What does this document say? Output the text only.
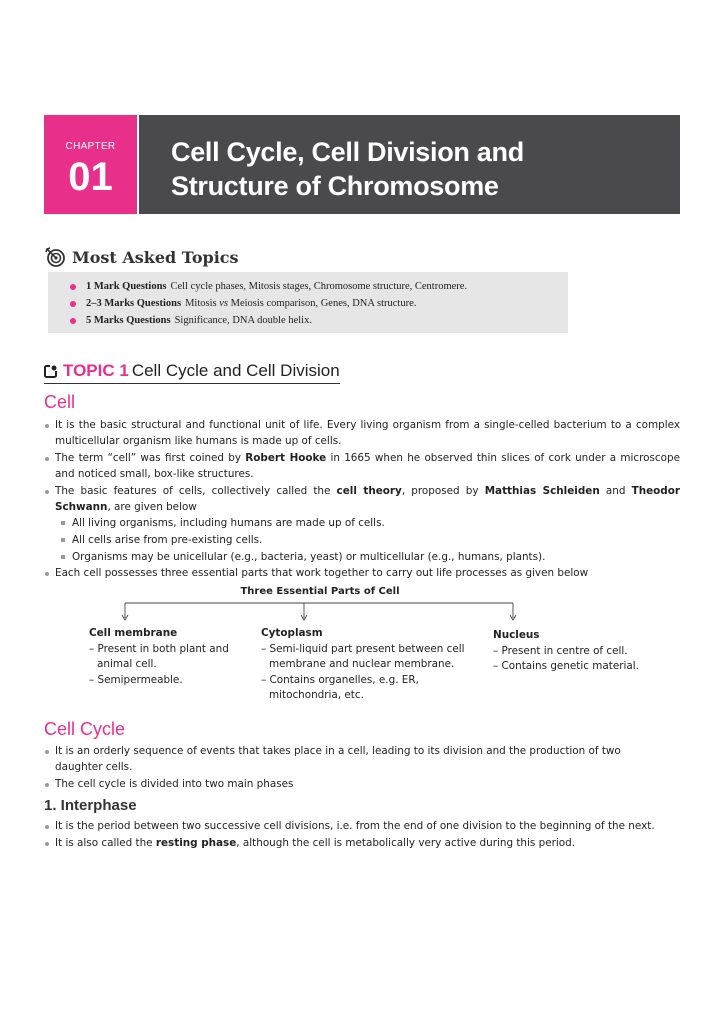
CHAPTER
01
Cell Cycle, Cell Division and
Structure of Chromosome
Most Asked Topics
1 Mark Questions Cell cycle phases, Mitosis stages, Chromosome structure, Centromere.
2–3 Marks Questions Mitosis vs Meiosis comparison, Genes, DNA structure.
5 Marks Questions Significance, DNA double helix.
TOPIC 1 Cell Cycle and Cell Division
Cell
It is the basic structural and functional unit of life. Every living organism from a single-celled bacterium to a complex multicellular organism like humans is made up of cells.
The term “cell” was first coined by Robert Hooke in 1665 when he observed thin slices of cork under a microscope and noticed small, box-like structures.
The basic features of cells, collectively called the cell theory, proposed by Matthias Schleiden and Theodor Schwann, are given below
All living organisms, including humans are made up of cells.
All cells arise from pre-existing cells.
Organisms may be unicellular (e.g., bacteria, yeast) or multicellular (e.g., humans, plants).
Each cell possesses three essential parts that work together to carry out life processes as given below
Three Essential Parts of Cell
Cell membrane
– Present in both plant and animal cell.
– Semipermeable.
Cytoplasm
– Semi-liquid part present between cell membrane and nuclear membrane.
– Contains organelles, e.g. ER, mitochondria, etc.
Nucleus
– Present in centre of cell.
– Contains genetic material.
Cell Cycle
It is an orderly sequence of events that takes place in a cell, leading to its division and the production of two daughter cells.
The cell cycle is divided into two main phases
1. Interphase
It is the period between two successive cell divisions, i.e. from the end of one division to the beginning of the next.
It is also called the resting phase, although the cell is metabolically very active during this period.
